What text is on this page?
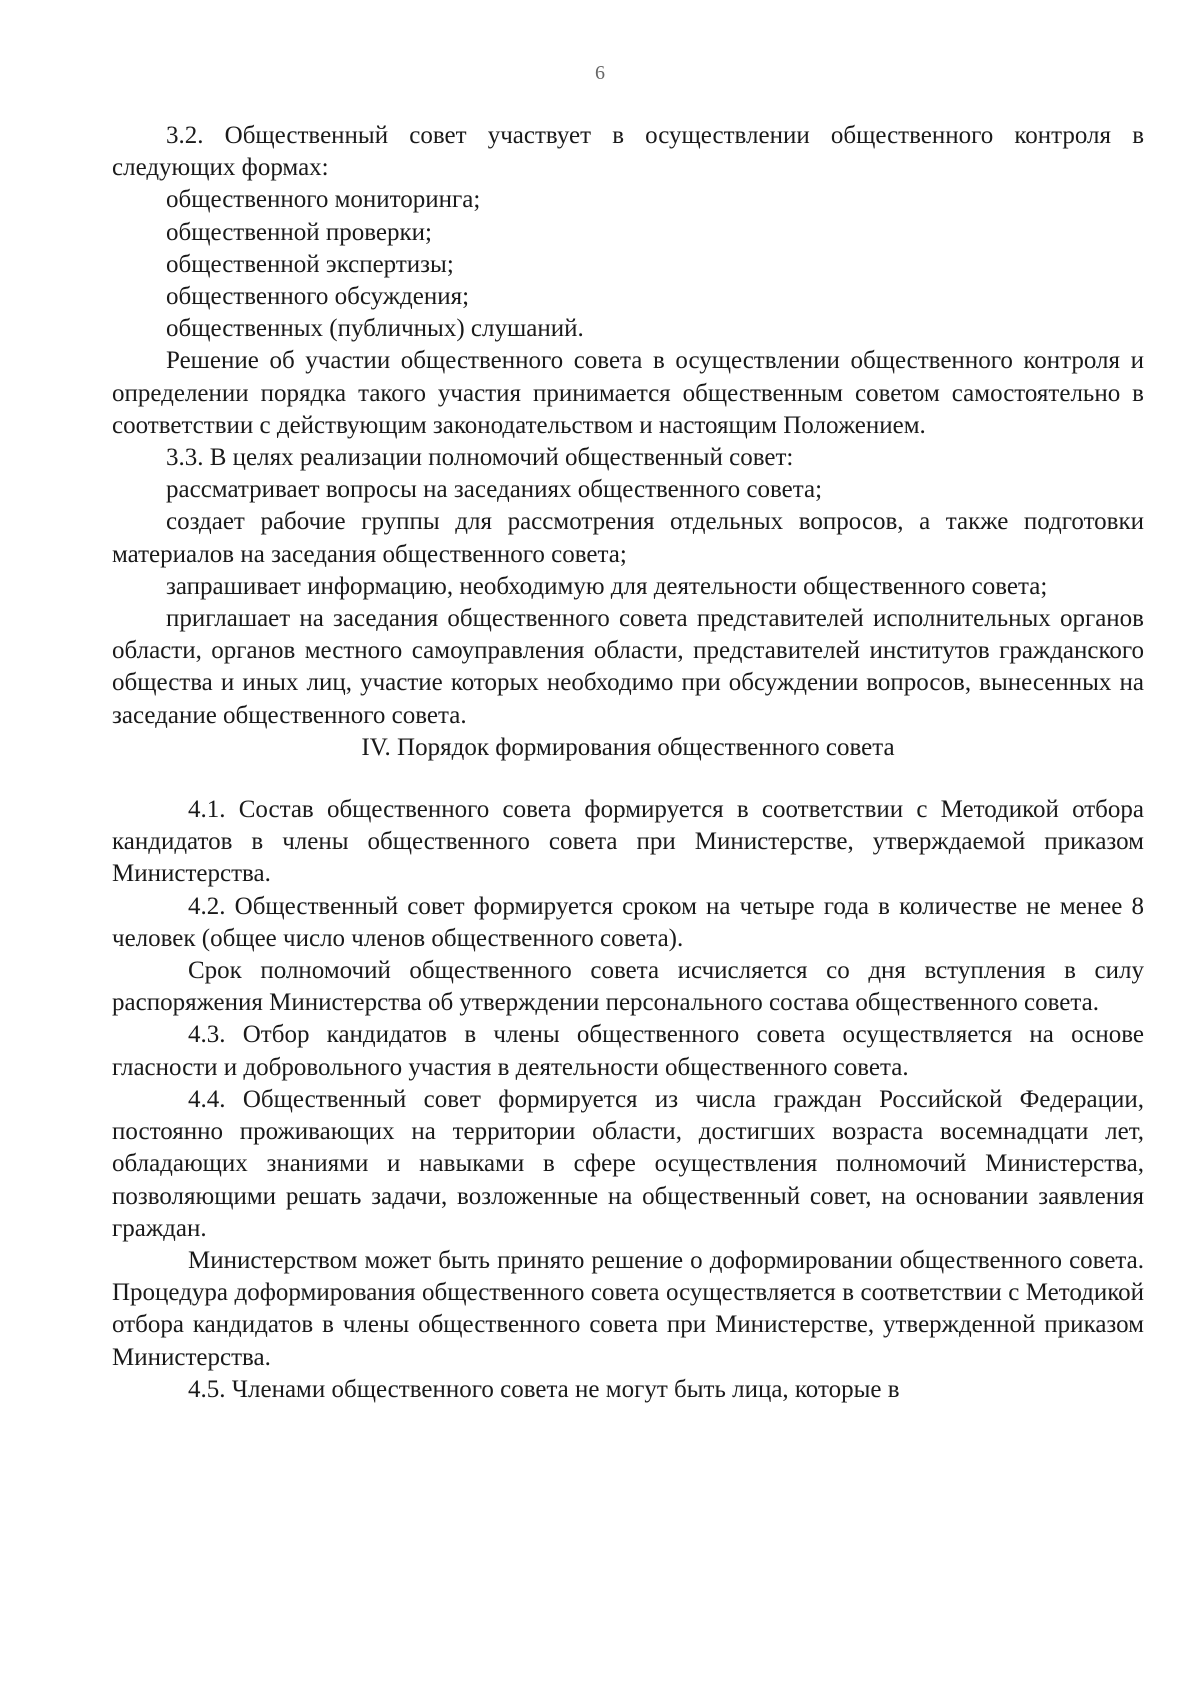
6

3.2. Общественный совет участвует в осуществлении общественного контроля в следующих формах:

общественного мониторинга;

общественной проверки;

общественной экспертизы;

общественного обсуждения;

общественных (публичных) слушаний.

Решение об участии общественного совета в осуществлении общественного контроля и определении порядка такого участия принимается общественным советом самостоятельно в соответствии с действующим законодательством и настоящим Положением.

3.3. В целях реализации полномочий общественный совет:

рассматривает вопросы на заседаниях общественного совета;

создает рабочие группы для рассмотрения отдельных вопросов, а также подготовки материалов на заседания общественного совета;

запрашивает информацию, необходимую для деятельности общественного совета;

приглашает на заседания общественного совета представителей исполнительных органов области, органов местного самоуправления области, представителей институтов гражданского общества и иных лиц, участие которых необходимо при обсуждении вопросов, вынесенных на заседание общественного совета.

IV. Порядок формирования общественного совета

4.1. Состав общественного совета формируется в соответствии с Методикой отбора кандидатов в члены общественного совета при Министерстве, утверждаемой приказом Министерства.

4.2. Общественный совет формируется сроком на четыре года в количестве не менее 8 человек (общее число членов общественного совета).

Срок полномочий общественного совета исчисляется со дня вступления в силу распоряжения Министерства об утверждении персонального состава общественного совета.

4.3. Отбор кандидатов в члены общественного совета осуществляется на основе гласности и добровольного участия в деятельности общественного совета.

4.4. Общественный совет формируется из числа граждан Российской Федерации, постоянно проживающих на территории области, достигших возраста восемнадцати лет, обладающих знаниями и навыками в сфере осуществления полномочий Министерства, позволяющими решать задачи, возложенные на общественный совет, на основании заявления граждан.

Министерством может быть принято решение о доформировании общественного совета. Процедура доформирования общественного совета осуществляется в соответствии с Методикой отбора кандидатов в члены общественного совета при Министерстве, утвержденной приказом Министерства.

4.5. Членами общественного совета не могут быть лица, которые в
